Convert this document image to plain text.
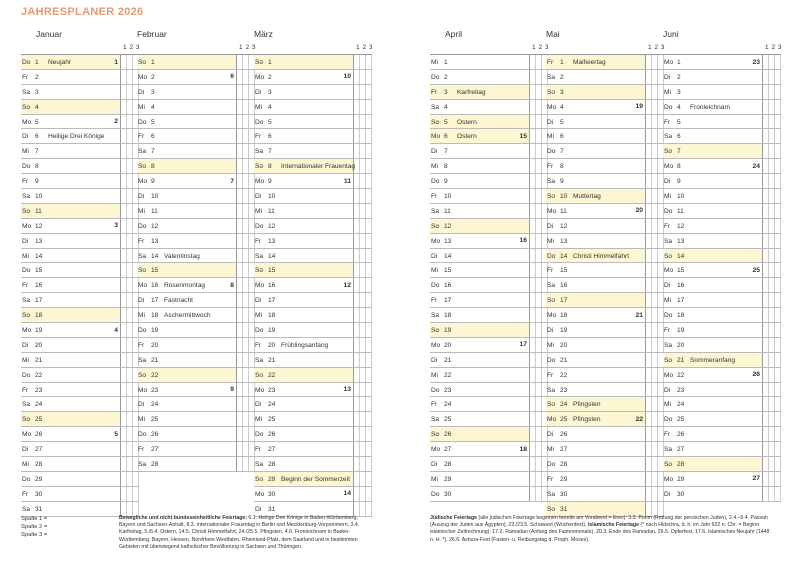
JAHRESPLANER 2026
Januar
1 2 3
Do 1 Neujahr	1
Fr 2
Sa 3
So 4
Mo 5	2
Di 6 Heilige Drei Könige
Mi 7
Do 8
Fr 9
Sa 10
So 11
Mo 12	3
Di 13
Mi 14
Do 15
Fr 16
Sa 17
So 18
Mo 19	4
Di 20
Mi 21
Do 22
Fr 23
Sa 24
So 25
Mo 26	5
Di 27
Mi 28
Do 29
Fr 30
Sa 31
Februar
1 2 3
So 1
Mo 2	6
Di 3
Mi 4
Do 5
Fr 6
Sa 7
So 8
Mo 9	7
Di 10
Mi 11
Do 12
Fr 13
Sa 14 Valentinstag
So 15
Mo 16 Rosenmontag	8
Di 17 Fastnacht
Mi 18 Aschermittwoch
Do 19
Fr 20
Sa 21
So 22
Mo 23	9
Di 24
Mi 25
Do 26
Fr 27
Sa 28
März
1 2 3
So 1
Mo 2	10
Di 3
Mi 4
Do 5
Fr 6
Sa 7
So 8 Internationaler Frauentag
Mo 9	11
Di 10
Mi 11
Do 12
Fr 13
Sa 14
So 15
Mo 16	12
Di 17
Mi 18
Do 19
Fr 20 Frühlingsanfang
Sa 21
So 22
Mo 23	13
Di 24
Mi 25
Do 26
Fr 27
Sa 28
So 29 Beginn der Sommerzeit
Mo 30	14
Di 31
April
1 2 3
Mi 1
Do 2
Fr 3 Karfreitag
Sa 4
So 5 Ostern
Mo 6 Ostern	15
Di 7
Mi 8
Do 9
Fr 10
Sa 11
So 12
Mo 13	16
Di 14
Mi 15
Do 16
Fr 17
Sa 18
So 19
Mo 20	17
Di 21
Mi 22
Do 23
Fr 24
Sa 25
So 26
Mo 27	18
Di 28
Mi 29
Do 30
Mai
1 2 3
Fr 1 Maifeiertag
Sa 2
So 3
Mo 4	19
Di 5
Mi 6
Do 7
Fr 8
Sa 9
So 10 Muttertag
Mo 11	20
Di 12
Mi 13
Do 14 Christi Himmelfahrt
Fr 15
Sa 16
So 17
Mo 18	21
Di 19
Mi 20
Do 21
Fr 22
Sa 23
So 24 Pfingsten
Mo 25 Pfingsten	22
Di 26
Mi 27
Do 28
Fr 29
Sa 30
So 31
Juni
1 2 3
Mo 1	23
Di 2
Mi 3
Do 4 Fronleichnam
Fr 5
Sa 6
So 7
Mo 8	24
Di 9
Mi 10
Do 11
Fr 12
Sa 13
So 14
Mo 15	25
Di 16
Mi 17
Do 18
Fr 19
Sa 20
So 21 Sommeranfang
Mo 22	26
Di 23
Mi 24
Do 25
Fr 26
Sa 27
So 28
Mo 29	27
Di 30
Spalte 1 =
Spalte 2 =
Spalte 3 =
Bewegliche und nicht bundeseinheitliche Feiertage: 6.1. Heilige Drei Könige in Baden-Württemberg, Bayern und Sachsen-Anhalt, 8.3. Internationaler Frauentag in Berlin und Mecklenburg-Vorpommern, 3.4. Karfreitag, 5./6.4. Ostern, 14.5. Christi Himmelfahrt, 24./25.5. Pfingsten, 4.6. Fronleichnam in Baden-Württemberg, Bayern, Hessen, Nordrhein-Westfalen, Rheinland-Pfalz, dem Saarland und in bestimmten Gebieten mit überwiegend katholischer Bevölkerung in Sachsen und Thüringen.
Jüdische Feiertage (alle jüdischen Feiertage beginnen bereits am Vorabend = Erev): 3.3. Purim (Rettung der persischen Juden), 2.4.–9.4. Passah (Auszug der Juden aus Ägypten), 22./23.5. Schawuot (Wochenfest). Islamische Feiertage (* nach Hidschra, d. h. im Jahr 622 n. Chr. = Beginn islamischer Zeitrechnung): 17.2. Ramadan (Anfang des Fastenmonats), 20.3. Ende des Ramadan, 26.5. Opferfest, 17.6. Islamisches Neujahr (1448 n. H. *), 26.6. Ashura-Fest (Fasten- u. Reibungstag d. Proph. Moses).
